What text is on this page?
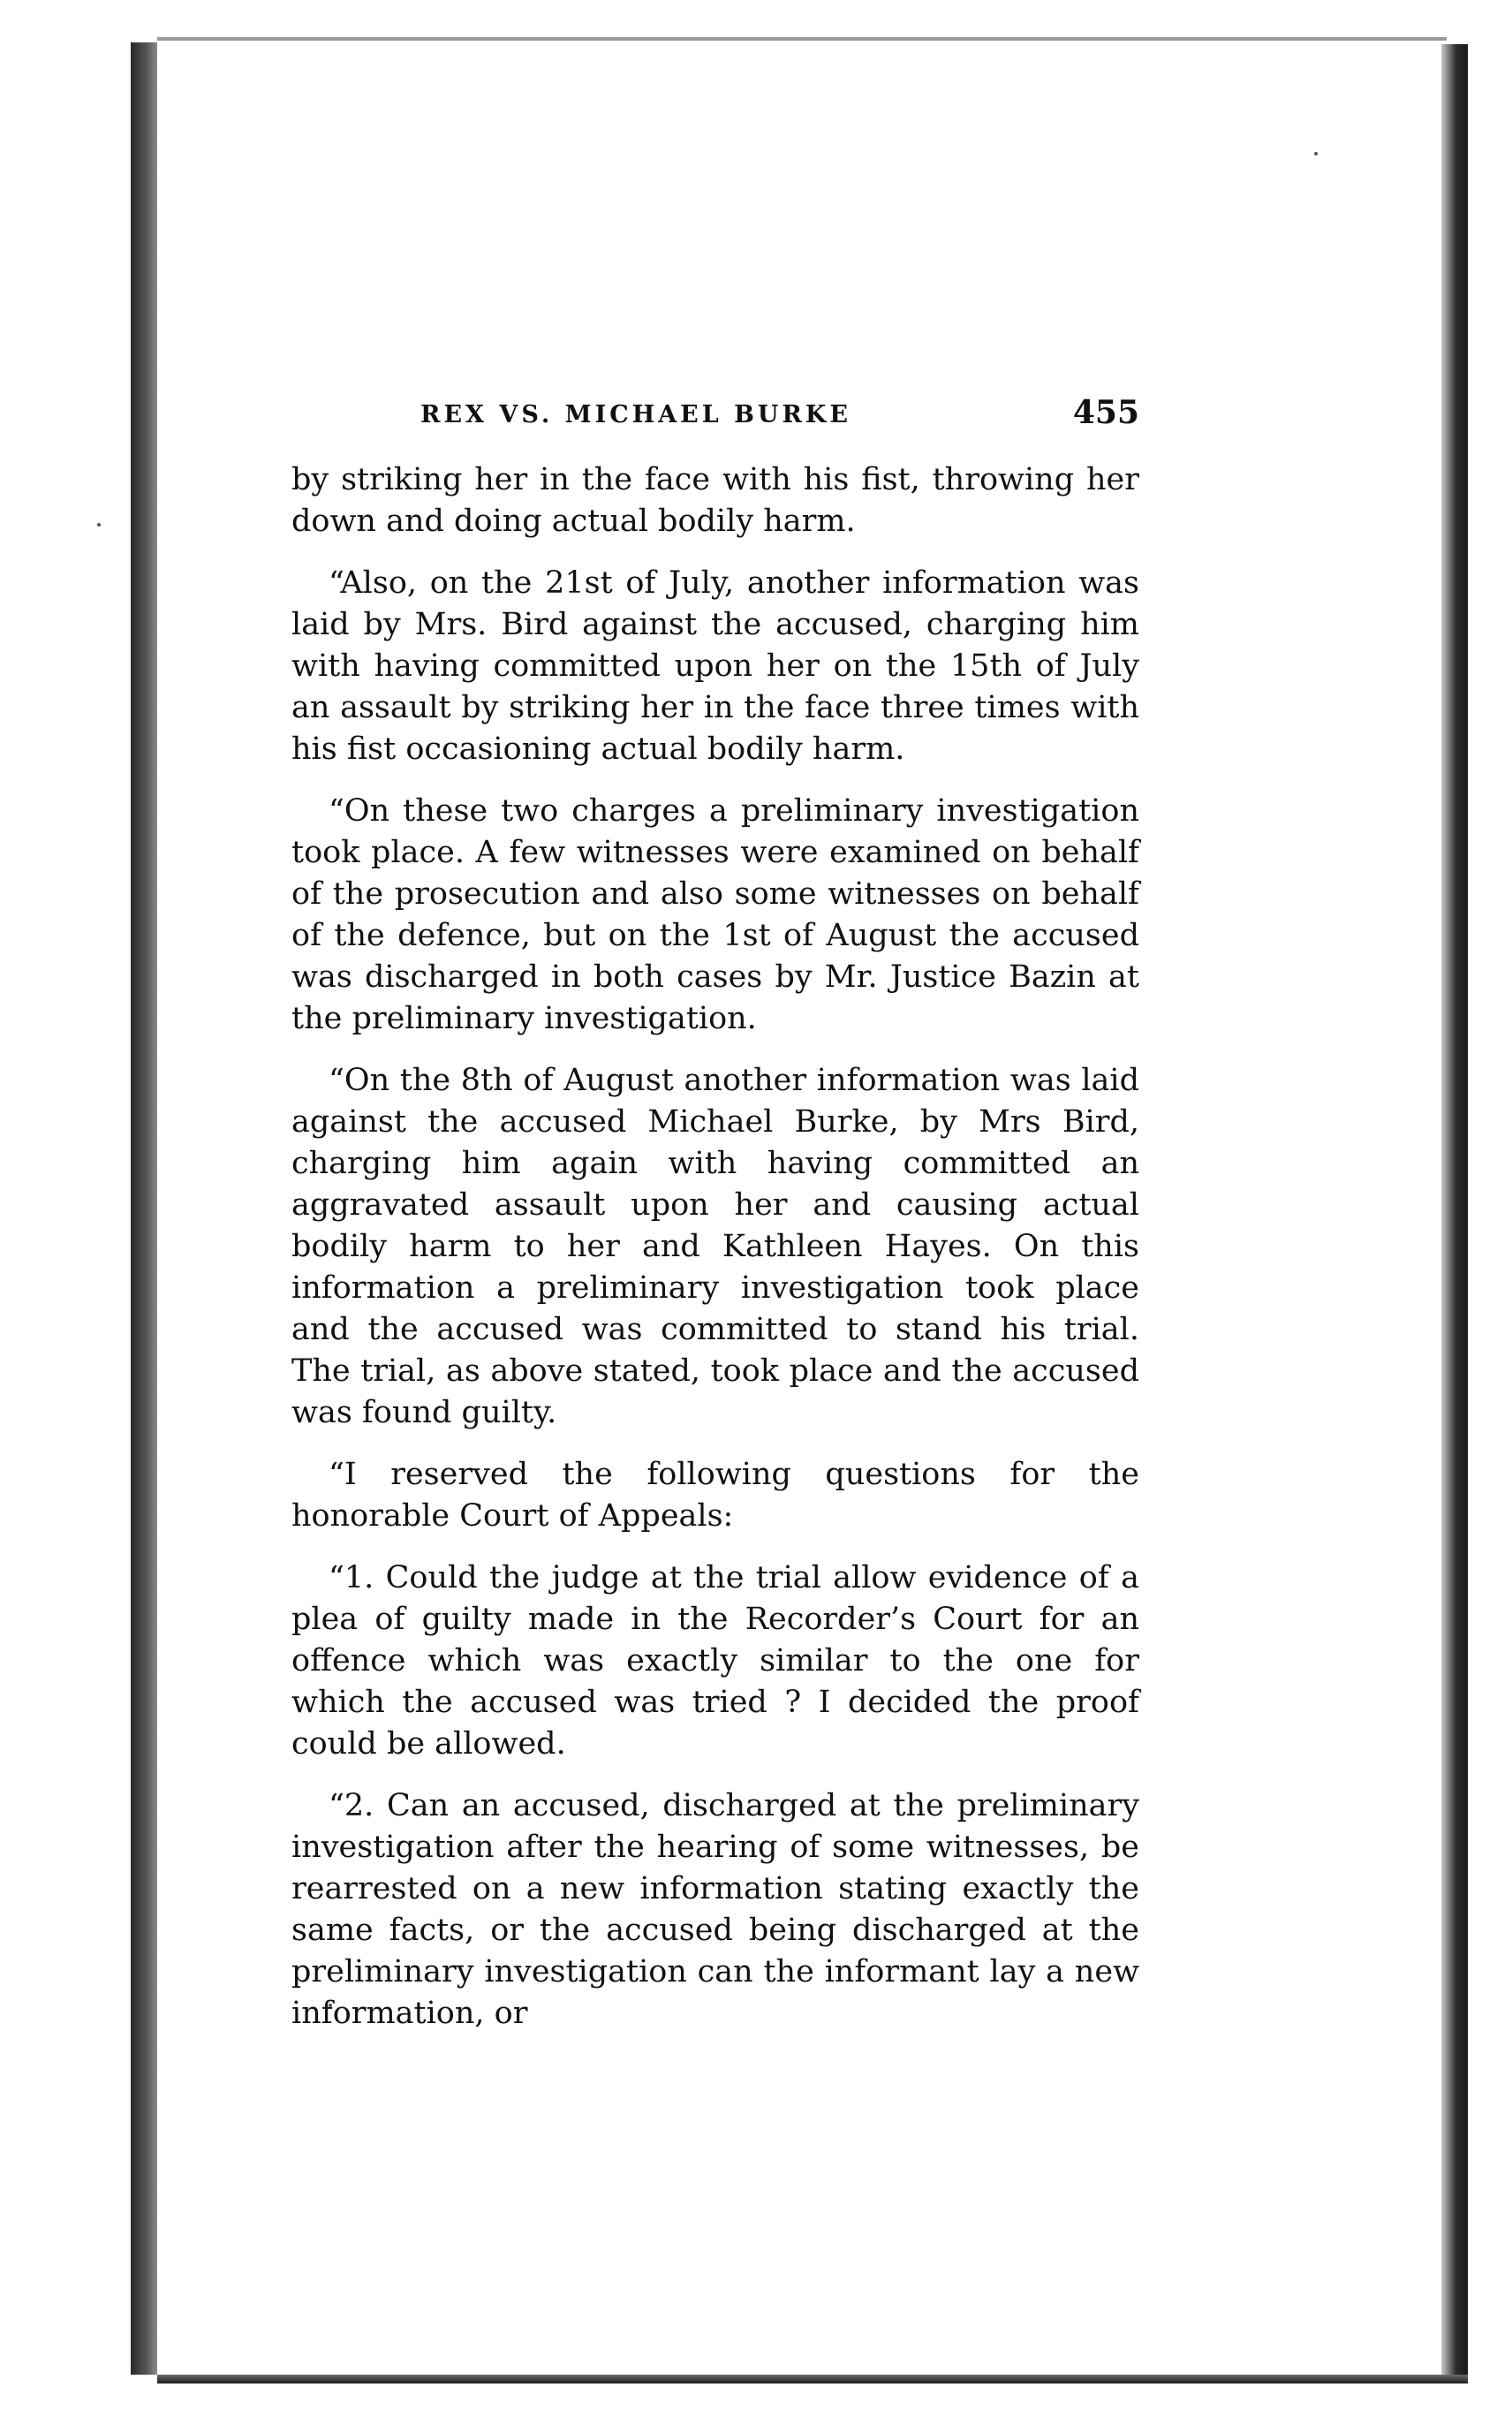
REX VS. MICHAEL BURKE	455

by striking her in the face with his fist, throwing her down and doing actual bodily harm.

“Also, on the 21st of July, another information was laid by Mrs. Bird against the accused, charging him with having committed upon her on the 15th of July an assault by striking her in the face three times with his fist occasioning actual bodily harm.

“On these two charges a preliminary investigation took place. A few witnesses were examined on behalf of the prosecution and also some witnesses on behalf of the defence, but on the 1st of August the accused was discharged in both cases by Mr. Justice Bazin at the preliminary investigation.

“On the 8th of August another information was laid against the accused Michael Burke, by Mrs Bird, charging him again with having committed an aggravated assault upon her and causing actual bodily harm to her and Kathleen Hayes. On this information a preliminary investigation took place and the accused was committed to stand his trial. The trial, as above stated, took place and the accused was found guilty.

“I reserved the following questions for the honorable Court of Appeals:

“1. Could the judge at the trial allow evidence of a plea of guilty made in the Recorder’s Court for an offence which was exactly similar to the one for which the accused was tried ? I decided the proof could be allowed.

“2. Can an accused, discharged at the preliminary investigation after the hearing of some witnesses, be rearrested on a new information stating exactly the same facts, or the accused being discharged at the preliminary investigation can the informant lay a new information, or
